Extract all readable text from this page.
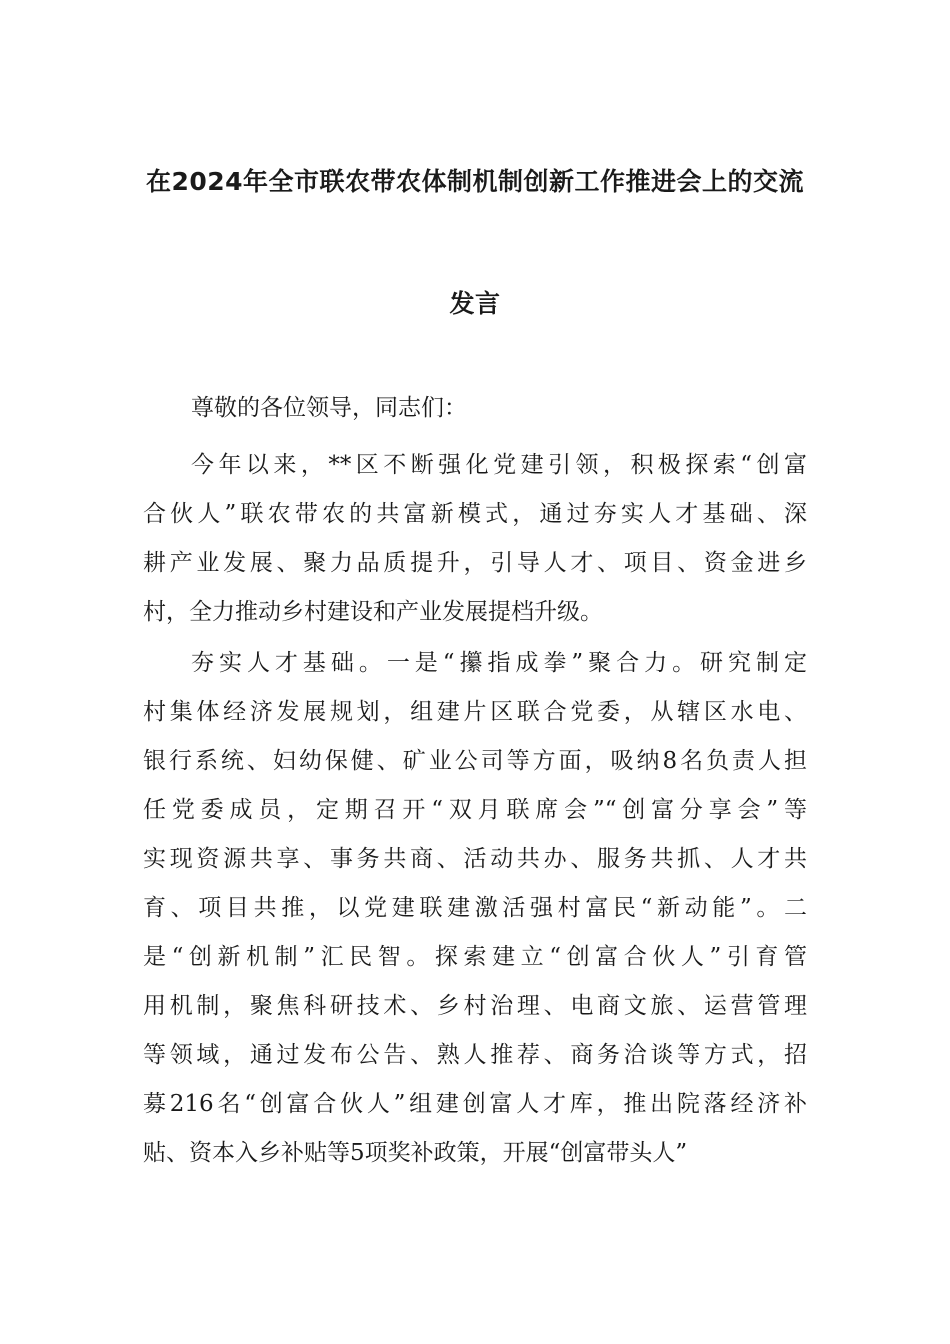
在2024年全市联农带农体制机制创新工作推进会上的交流
发言
尊敬的各位领导，同志们：
今年以来，**区不断强化党建引领，积极探索“创富
合伙人”联农带农的共富新模式，通过夯实人才基础、深
耕产业发展、聚力品质提升，引导人才、项目、资金进乡
村，全力推动乡村建设和产业发展提档升级。
夯实人才基础。一是“攥指成拳”聚合力。研究制定
村集体经济发展规划，组建片区联合党委，从辖区水电、
银行系统、妇幼保健、矿业公司等方面，吸纳8名负责人担
任党委成员，定期召开“双月联席会”“创富分享会”等
实现资源共享、事务共商、活动共办、服务共抓、人才共
育、项目共推，以党建联建激活强村富民“新动能”。二
是“创新机制”汇民智。探索建立“创富合伙人”引育管
用机制，聚焦科研技术、乡村治理、电商文旅、运营管理
等领域，通过发布公告、熟人推荐、商务洽谈等方式，招
募216名“创富合伙人”组建创富人才库，推出院落经济补
贴、资本入乡补贴等5项奖补政策，开展“创富带头人”
